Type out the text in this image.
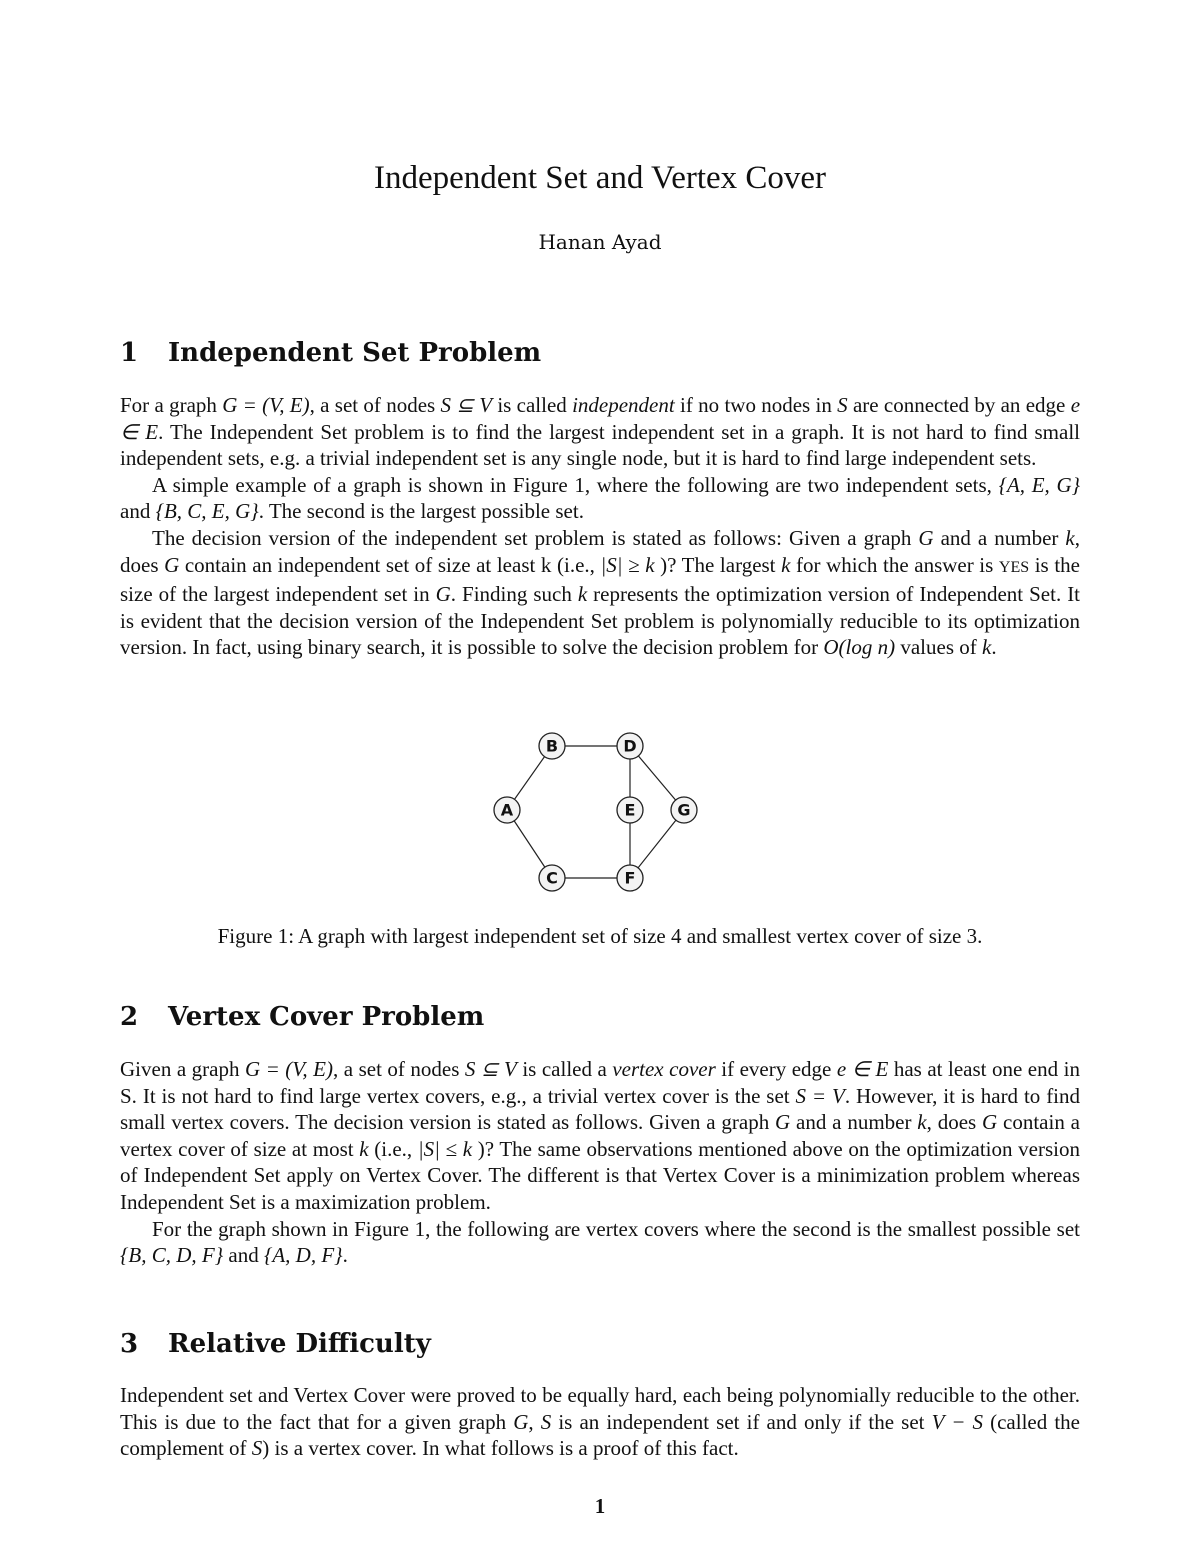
Independent Set and Vertex Cover
Hanan Ayad
1 Independent Set Problem

For a graph G = (V, E), a set of nodes S ⊆ V is called independent if no two nodes in S are connected by an edge e ∈ E. The Independent Set problem is to find the largest independent set in a graph. It is not hard to find small independent sets, e.g. a trivial independent set is any single node, but it is hard to find large independent sets.

A simple example of a graph is shown in Figure 1, where the following are two independent sets, {A, E, G} and {B, C, E, G}. The second is the largest possible set.

The decision version of the independent set problem is stated as follows: Given a graph G and a number k, does G contain an independent set of size at least k (i.e., |S| ≥ k )? The largest k for which the answer is YES is the size of the largest independent set in G. Finding such k represents the optimization version of Independent Set. It is evident that the decision version of the Independent Set problem is polynomially reducible to its optimization version. In fact, using binary search, it is possible to solve the decision problem for O(log n) values of k.

A
B
C
D
E
F
G
Figure 1: A graph with largest independent set of size 4 and smallest vertex cover of size 3.
2 Vertex Cover Problem

Given a graph G = (V, E), a set of nodes S ⊆ V is called a vertex cover if every edge e ∈ E has at least one end in S. It is not hard to find large vertex covers, e.g., a trivial vertex cover is the set S = V. However, it is hard to find small vertex covers. The decision version is stated as follows. Given a graph G and a number k, does G contain a vertex cover of size at most k (i.e., |S| ≤ k )? The same observations mentioned above on the optimization version of Independent Set apply on Vertex Cover. The different is that Vertex Cover is a minimization problem whereas Independent Set is a maximization problem.

For the graph shown in Figure 1, the following are vertex covers where the second is the smallest possible set {B, C, D, F} and {A, D, F}.

3 Relative Difficulty

Independent set and Vertex Cover were proved to be equally hard, each being polynomially reducible to the other. This is due to the fact that for a given graph G, S is an independent set if and only if the set V − S (called the complement of S) is a vertex cover. In what follows is a proof of this fact.

1
